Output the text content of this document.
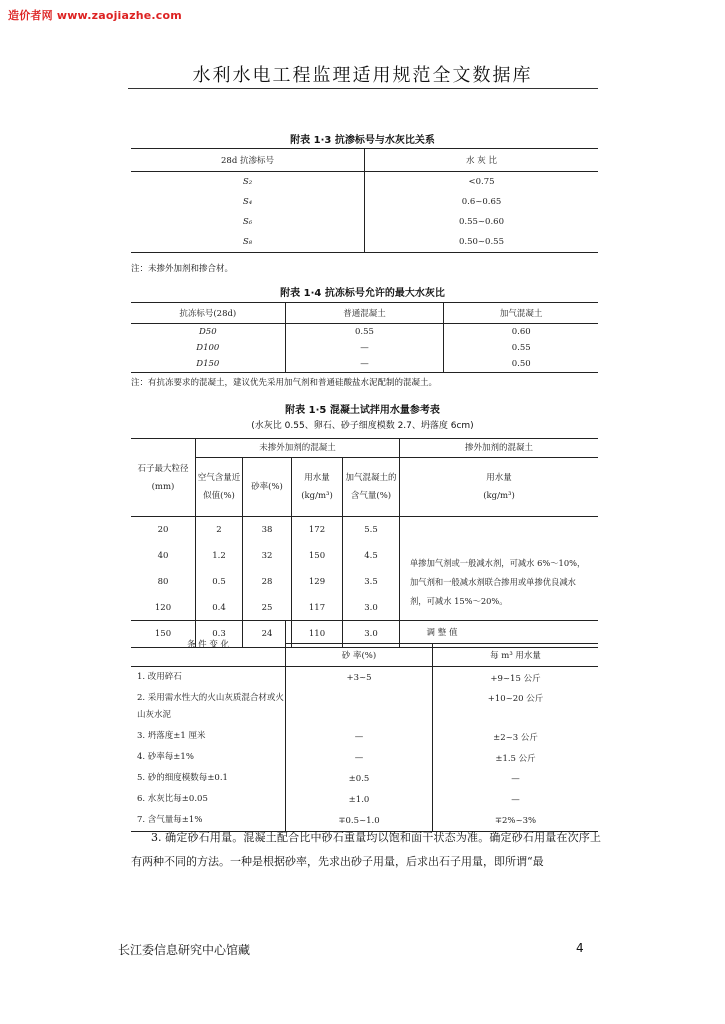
造价者网 www.zaojiazhe.com
水利水电工程监理适用规范全文数据库
附表 1·3 抗渗标号与水灰比关系
28d 抗渗标号	水 灰 比
S₂	<0.75
S₄	0.6~0.65
S₆	0.55~0.60
S₈	0.50~0.55
注：未掺外加剂和掺合材。
附表 1·4 抗冻标号允许的最大水灰比
抗冻标号(28d)	普通混凝土	加气混凝土
D50	0.55	0.60
D100	—	0.55
D150	—	0.50
注：有抗冻要求的混凝土，建议优先采用加气剂和普通硅酸盐水泥配制的混凝土。
附表 1·5 混凝土试拌用水量参考表
(水灰比 0.55、卵石、砂子细度模数 2.7、坍落度 6cm)
石子最大粒径(mm)	未掺外加剂的混凝土				掺外加剂的混凝土
	空气含量近似值(%)	砂率(%)	用水量(kg/m³)	加气混凝土的含气量(%)	用水量
(kg/m³)

20	2	38	172	5.5	单掺加气剂或一般减水剂，可减水 6%～10%，加气剂和一般减水剂联合掺用或单掺优良减水剂，可减水 15%～20%。
40	1.2	32	150	4.5	
80	0.5	28	129	3.5	
120	0.4	25	117	3.0	
150	0.3	24	110	3.0	
条 件 变 化	调 整 值	
	砂 率(%)	每 m³ 用水量
1. 改用碎石	+3~5	+9~15 公斤
2. 采用需水性大的火山灰质混合材或火山灰水泥		+10~20 公斤
3. 坍落度±1 厘米	—	±2~3 公斤
4. 砂率每±1%	—	±1.5 公斤
5. 砂的细度模数每±0.1	±0.5	—
6. 水灰比每±0.05	±1.0	—
7. 含气量每±1%	∓0.5~1.0	∓2%~3%
3. 确定砂石用量。混凝土配合比中砂石重量均以饱和面干状态为准。确定砂石用量在次序上有两种不同的方法。一种是根据砂率，先求出砂子用量，后求出石子用量，即所谓“最
长江委信息研究中心馆藏	4
